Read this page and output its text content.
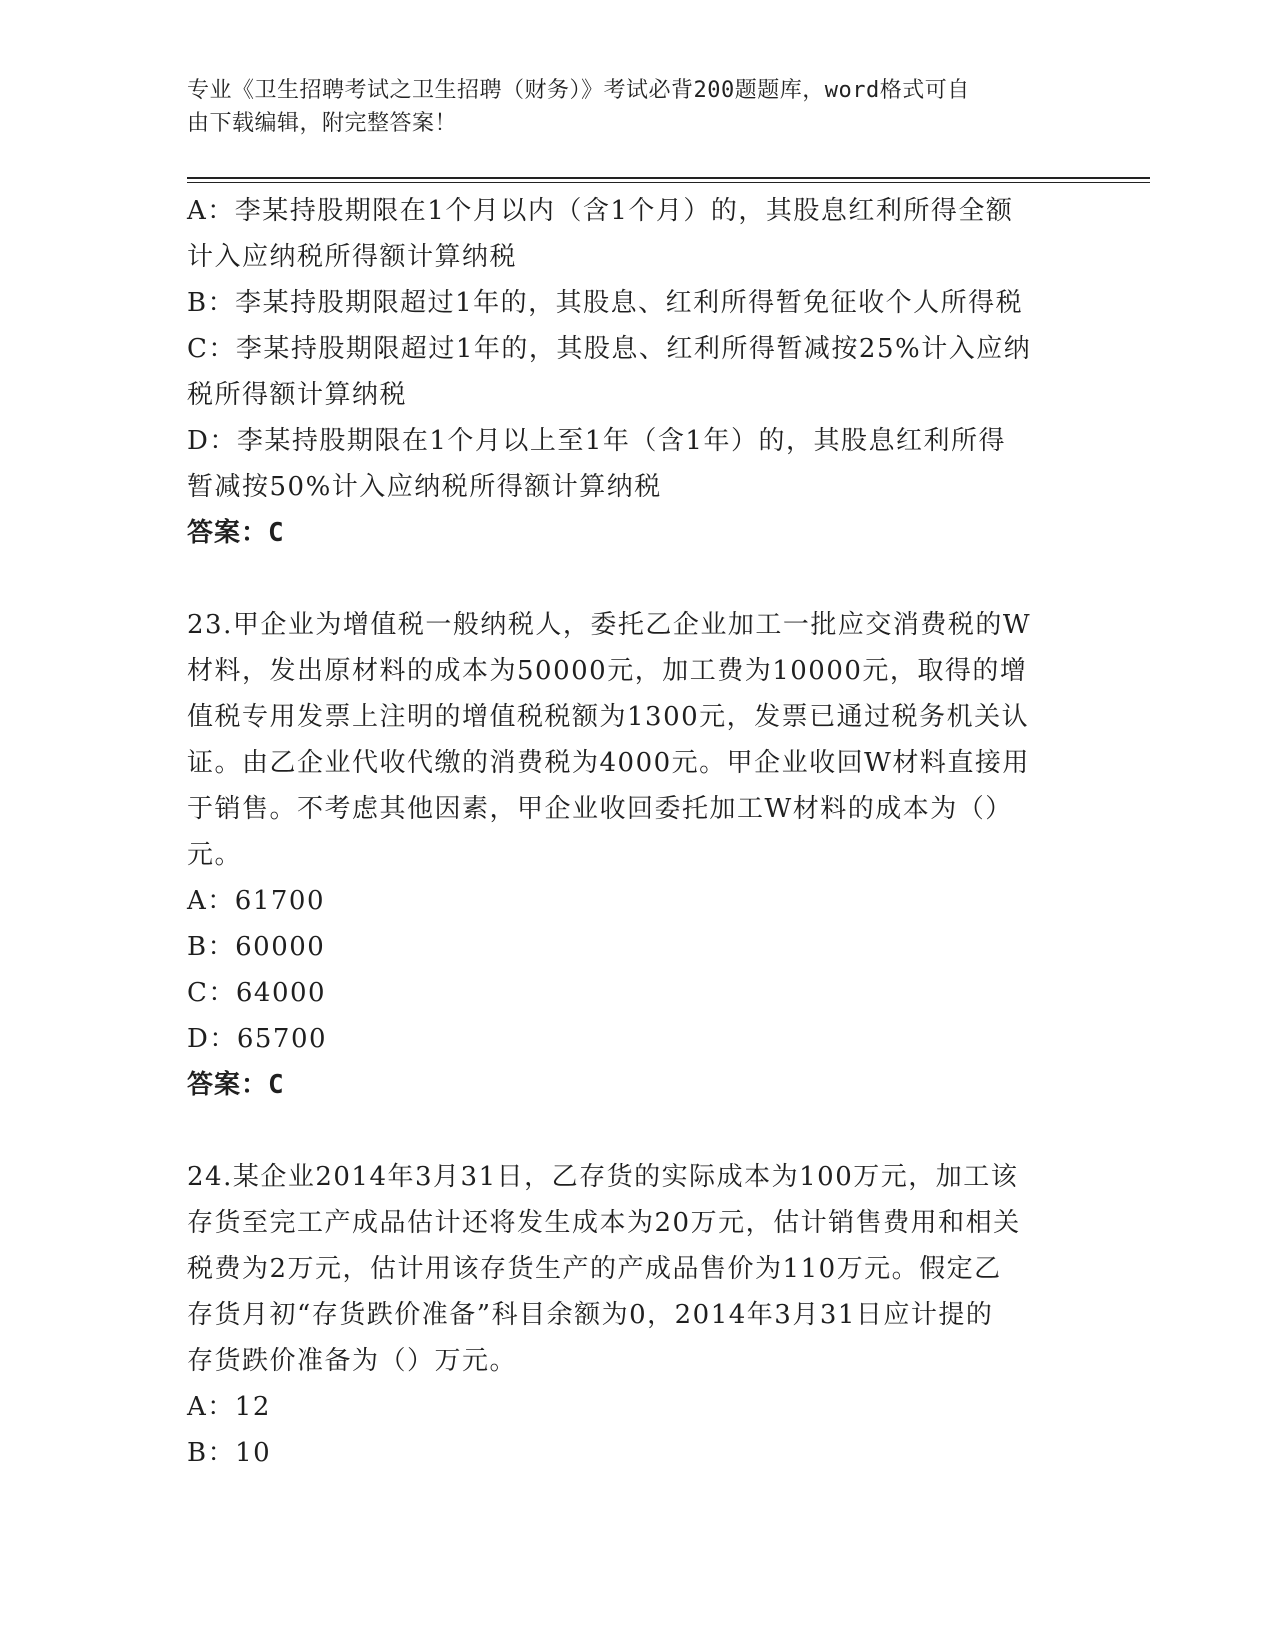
专业《卫生招聘考试之卫生招聘（财务）》考试必背200题题库，word格式可自
由下载编辑，附完整答案！

A：李某持股期限在1个月以内（含1个月）的，其股息红利所得全额

计入应纳税所得额计算纳税

B：李某持股期限超过1年的，其股息、红利所得暂免征收个人所得税

C：李某持股期限超过1年的，其股息、红利所得暂减按25%计入应纳

税所得额计算纳税

D：李某持股期限在1个月以上至1年（含1年）的，其股息红利所得

暂减按50%计入应纳税所得额计算纳税

答案：C

23.甲企业为增值税一般纳税人，委托乙企业加工一批应交消费税的W

材料，发出原材料的成本为50000元，加工费为10000元，取得的增

值税专用发票上注明的增值税税额为1300元，发票已通过税务机关认

证。由乙企业代收代缴的消费税为4000元。甲企业收回W材料直接用

于销售。不考虑其他因素，甲企业收回委托加工W材料的成本为（）

元。

A：61700

B：60000

C：64000

D：65700

答案：C

24.某企业2014年3月31日，乙存货的实际成本为100万元，加工该

存货至完工产成品估计还将发生成本为20万元，估计销售费用和相关

税费为2万元，估计用该存货生产的产成品售价为110万元。假定乙

存货月初“存货跌价准备”科目余额为0，2014年3月31日应计提的

存货跌价准备为（）万元。

A：12

B：10
